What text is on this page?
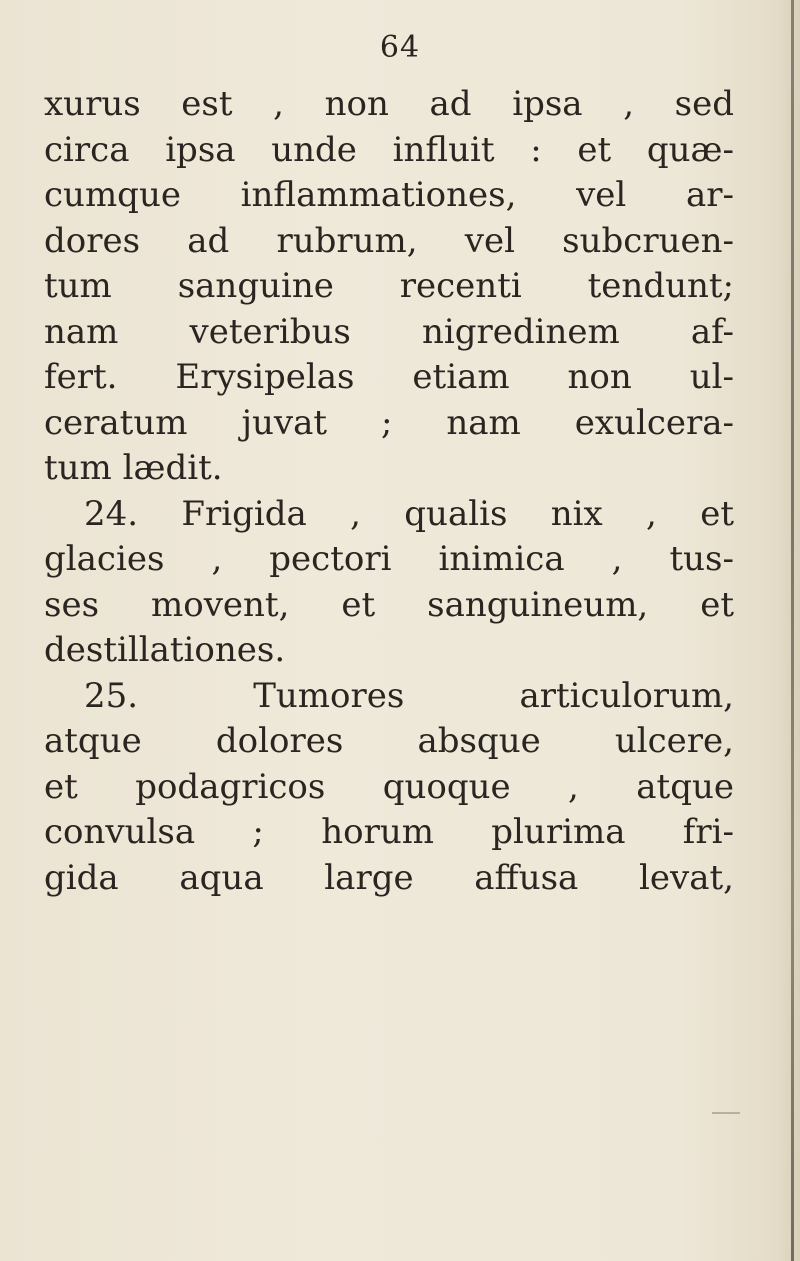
64
xurus est , non ad ipsa , sed
circa ipsa unde influit : et quæ-
cumque inflammationes, vel ar-
dores ad rubrum, vel subcruen-
tum sanguine recenti tendunt;
nam veteribus nigredinem af-
fert. Erysipelas etiam non ul-
ceratum juvat ; nam exulcera-
tum lædit.
24. Frigida , qualis nix , et
glacies , pectori inimica , tus-
ses movent, et sanguineum, et
destillationes.
25. Tumores articulorum,
atque dolores absque ulcere,
et podagricos quoque , atque
convulsa ; horum plurima fri-
gida aqua large affusa levat,
